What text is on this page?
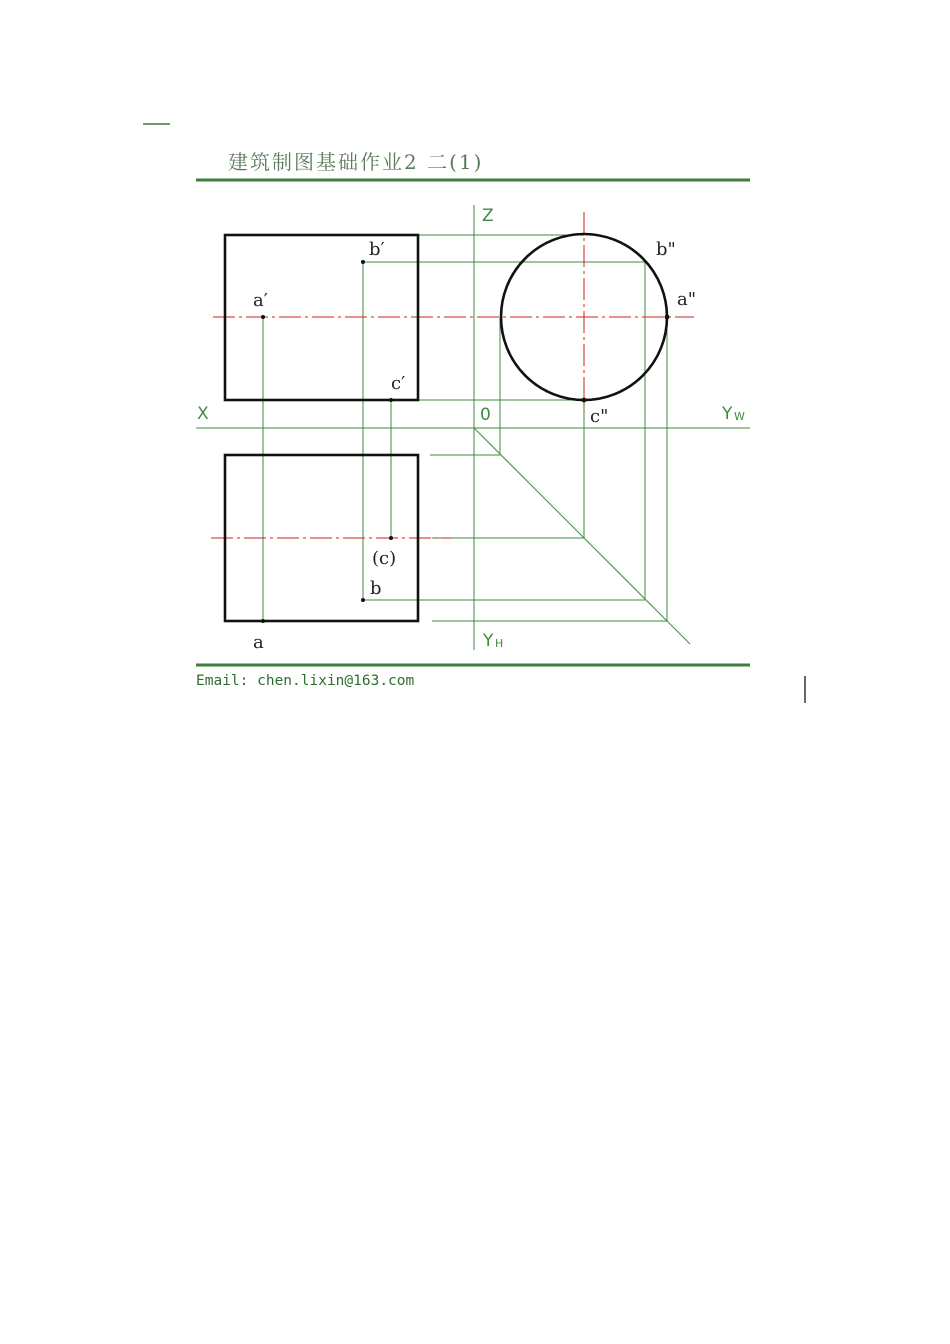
建筑制图基础作业2 二(1)
a′
b′
c′
b"
a"
c"
(c)
b
a
Z
X	0	Y W
Y H
Email: chen.lixin@163.com
